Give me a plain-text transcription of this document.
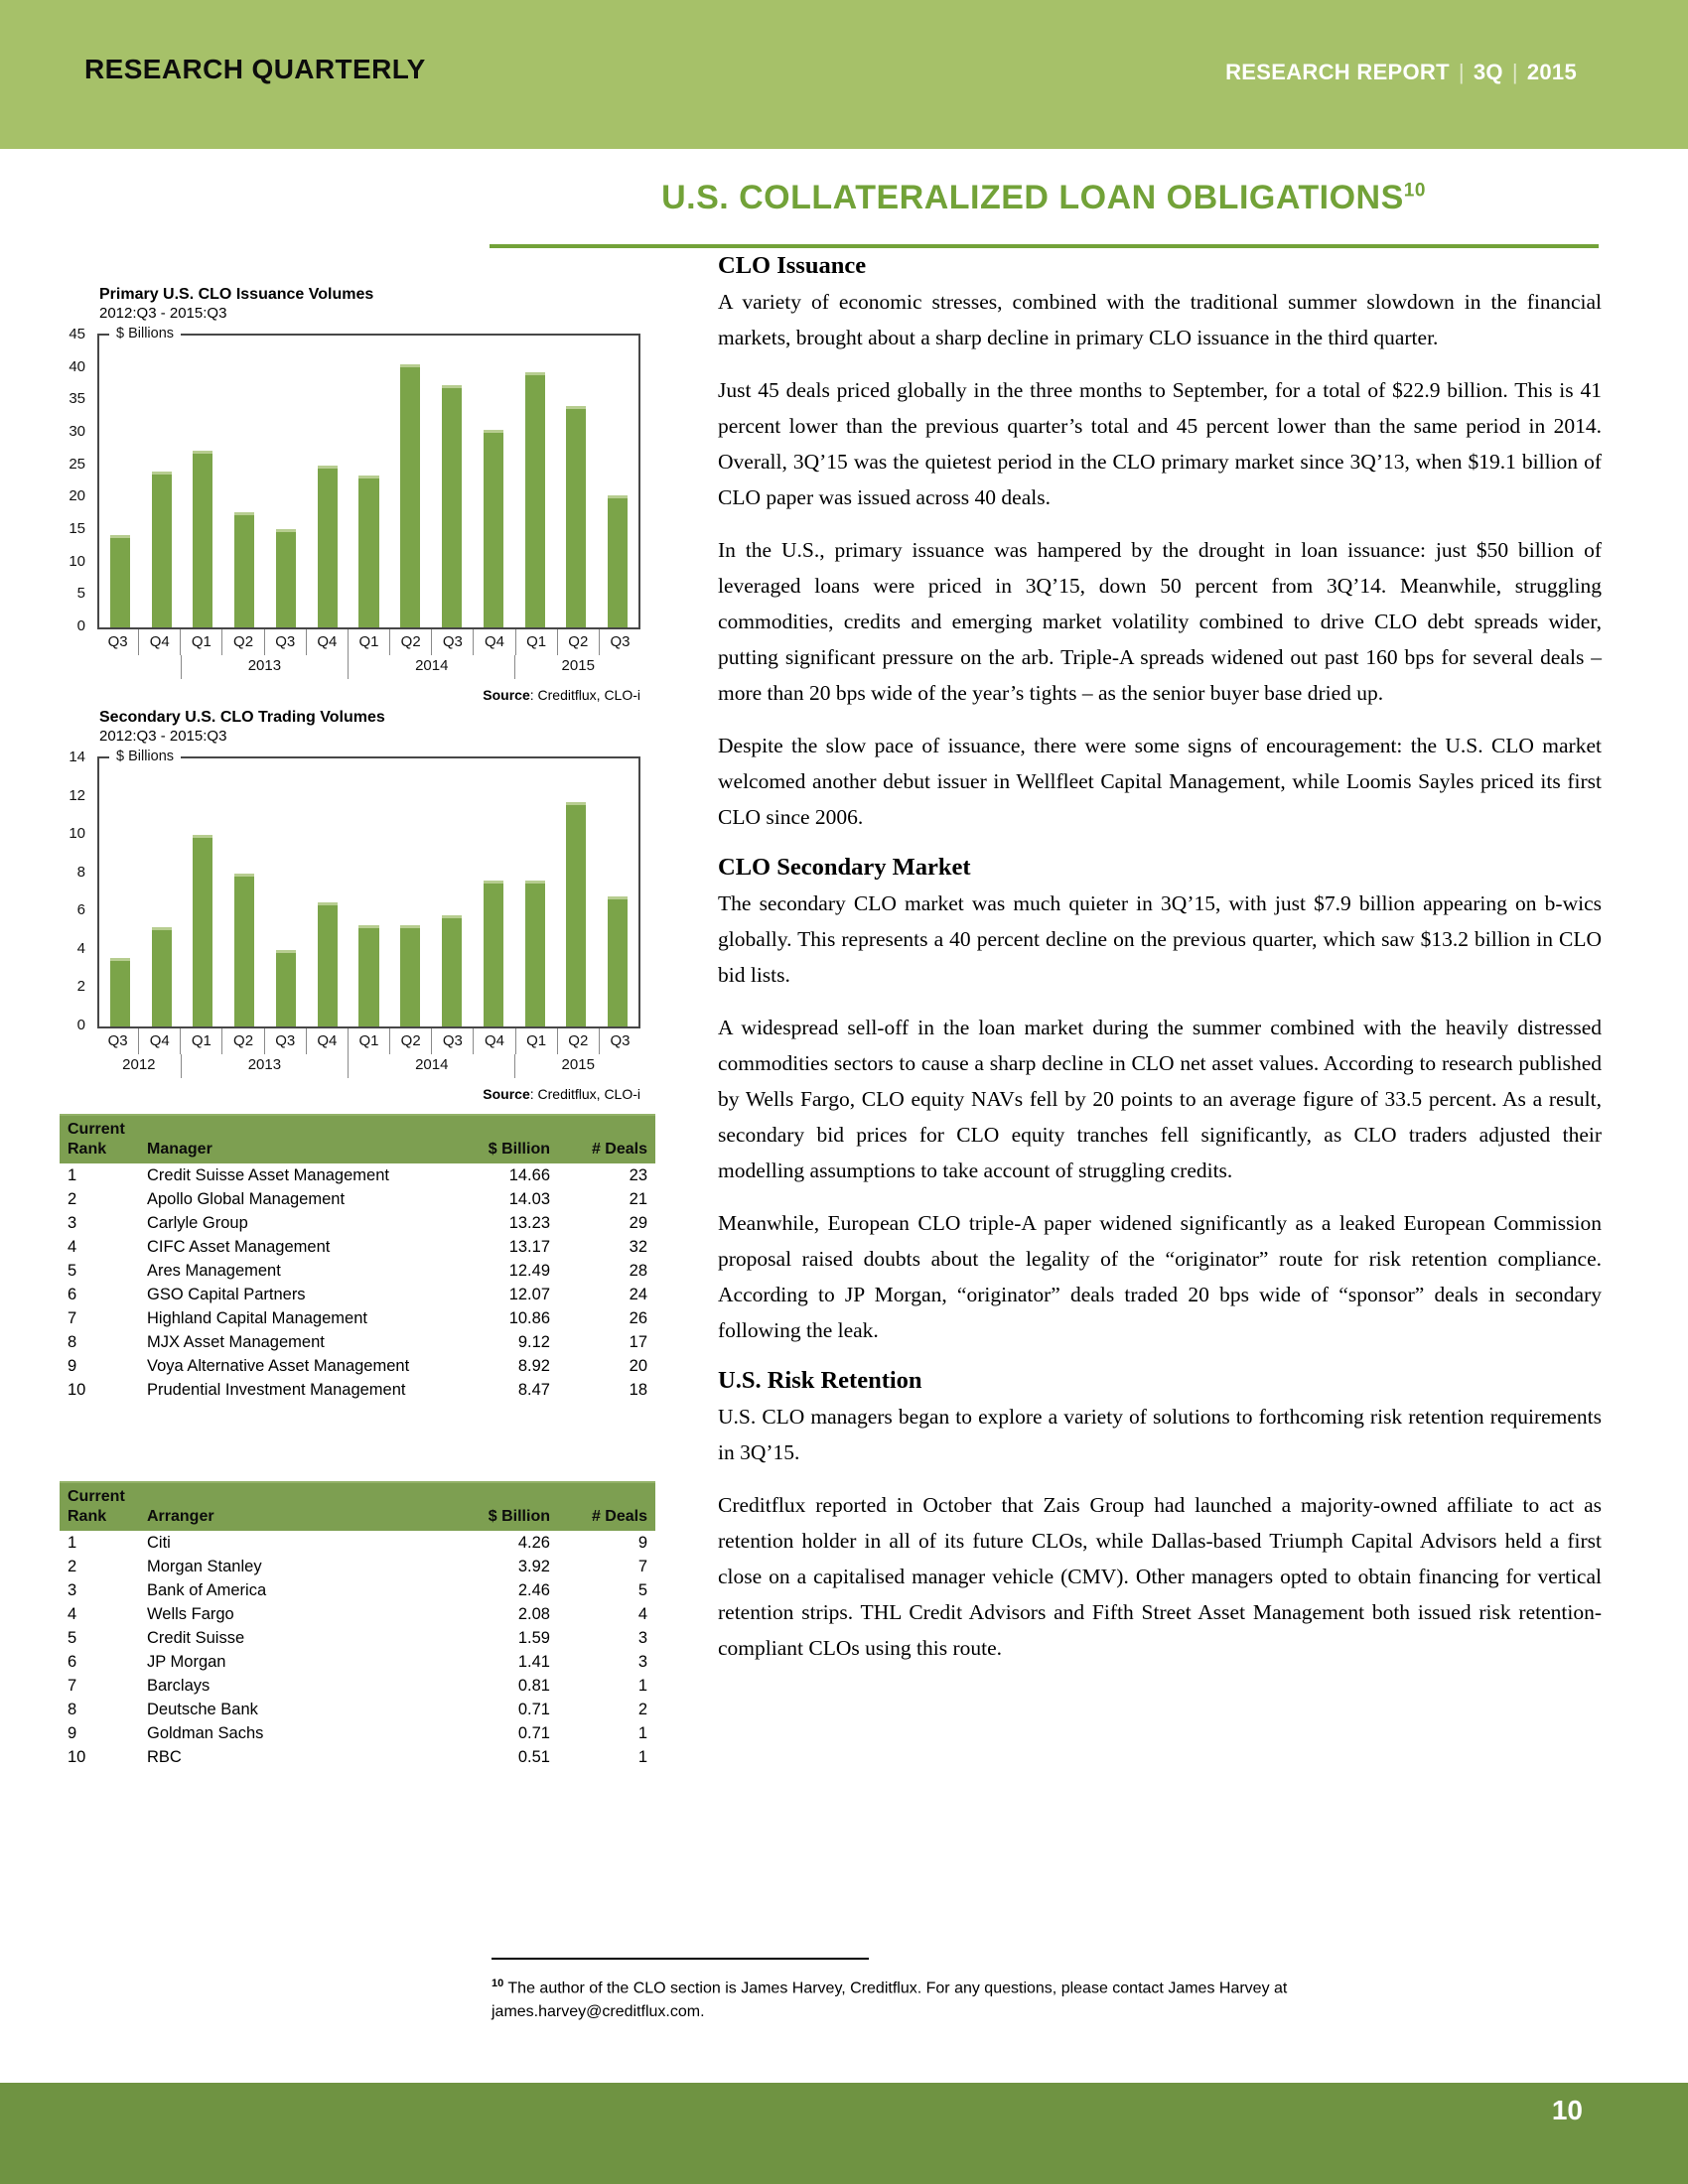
RESEARCH QUARTERLY	RESEARCH REPORT | 3Q | 2015
U.S. COLLATERALIZED LOAN OBLIGATIONS$^{10}$
Primary U.S. CLO Issuance Volumes
2012:Q3 - 2015:Q3
45
40
35
30
25
20
15
10
5
0
$ Billions
Q3	Q4	Q1	Q2	Q3	Q4	Q1	Q2	Q3	Q4	Q1	Q2	Q3
2013	2014	2015
Source: Creditflux, CLO-i
Secondary U.S. CLO Trading Volumes
2012:Q3 - 2015:Q3
14
12
10
8
6
4
2
0
$ Billions
Q3	Q4	Q1	Q2	Q3	Q4	Q1	Q2	Q3	Q4	Q1	Q2	Q3
2012	2013	2014	2015
Source: Creditflux, CLO-i
Current
Rank	Manager	$ Billion	# Deals
1	Credit Suisse Asset Management	14.66	23
2	Apollo Global Management	14.03	21
3	Carlyle Group	13.23	29
4	CIFC Asset Management	13.17	32
5	Ares Management	12.49	28
6	GSO Capital Partners	12.07	24
7	Highland Capital Management	10.86	26
8	MJX Asset Management	9.12	17
9	Voya Alternative Asset Management	8.92	20
10	Prudential Investment Management	8.47	18
Current
Rank	Arranger	$ Billion	# Deals
1	Citi	4.26	9
2	Morgan Stanley	3.92	7
3	Bank of America	2.46	5
4	Wells Fargo	2.08	4
5	Credit Suisse	1.59	3
6	JP Morgan	1.41	3
7	Barclays	0.81	1
8	Deutsche Bank	0.71	2
9	Goldman Sachs	0.71	1
10	RBC	0.51	1
CLO Issuance

A variety of economic stresses, combined with the traditional summer slowdown in the financial markets, brought about a sharp decline in primary CLO issuance in the third quarter.

Just 45 deals priced globally in the three months to September, for a total of $22.9 billion. This is 41 percent lower than the previous quarter’s total and 45 percent lower than the same period in 2014. Overall, 3Q’15 was the quietest period in the CLO primary market since 3Q’13, when $19.1 billion of CLO paper was issued across 40 deals.

In the U.S., primary issuance was hampered by the drought in loan issuance: just $50 billion of leveraged loans were priced in 3Q’15, down 50 percent from 3Q’14. Meanwhile, struggling commodities, credits and emerging market volatility combined to drive CLO debt spreads wider, putting significant pressure on the arb. Triple-A spreads widened out past 160 bps for several deals – more than 20 bps wide of the year’s tights – as the senior buyer base dried up.

Despite the slow pace of issuance, there were some signs of encouragement: the U.S. CLO market welcomed another debut issuer in Wellfleet Capital Management, while Loomis Sayles priced its first CLO since 2006.

CLO Secondary Market

The secondary CLO market was much quieter in 3Q’15, with just $7.9 billion appearing on b-wics globally. This represents a 40 percent decline on the previous quarter, which saw $13.2 billion in CLO bid lists.

A widespread sell-off in the loan market during the summer combined with the heavily distressed commodities sectors to cause a sharp decline in CLO net asset values. According to research published by Wells Fargo, CLO equity NAVs fell by 20 points to an average figure of 33.5 percent. As a result, secondary bid prices for CLO equity tranches fell significantly, as CLO traders adjusted their modelling assumptions to take account of struggling credits.

Meanwhile, European CLO triple-A paper widened significantly as a leaked European Commission proposal raised doubts about the legality of the “originator” route for risk retention compliance. According to JP Morgan, “originator” deals traded 20 bps wide of “sponsor” deals in secondary following the leak.

U.S. Risk Retention

U.S. CLO managers began to explore a variety of solutions to forthcoming risk retention requirements in 3Q’15.

Creditflux reported in October that Zais Group had launched a majority-owned affiliate to act as retention holder in all of its future CLOs, while Dallas-based Triumph Capital Advisors held a first close on a capitalised manager vehicle (CMV). Other managers opted to obtain financing for vertical retention strips. THL Credit Advisors and Fifth Street Asset Management both issued risk retention-compliant CLOs using this route.

$^{10}$ The author of the CLO section is James Harvey, Creditflux. For any questions, please contact James Harvey at james.harvey@creditflux.com.
10
